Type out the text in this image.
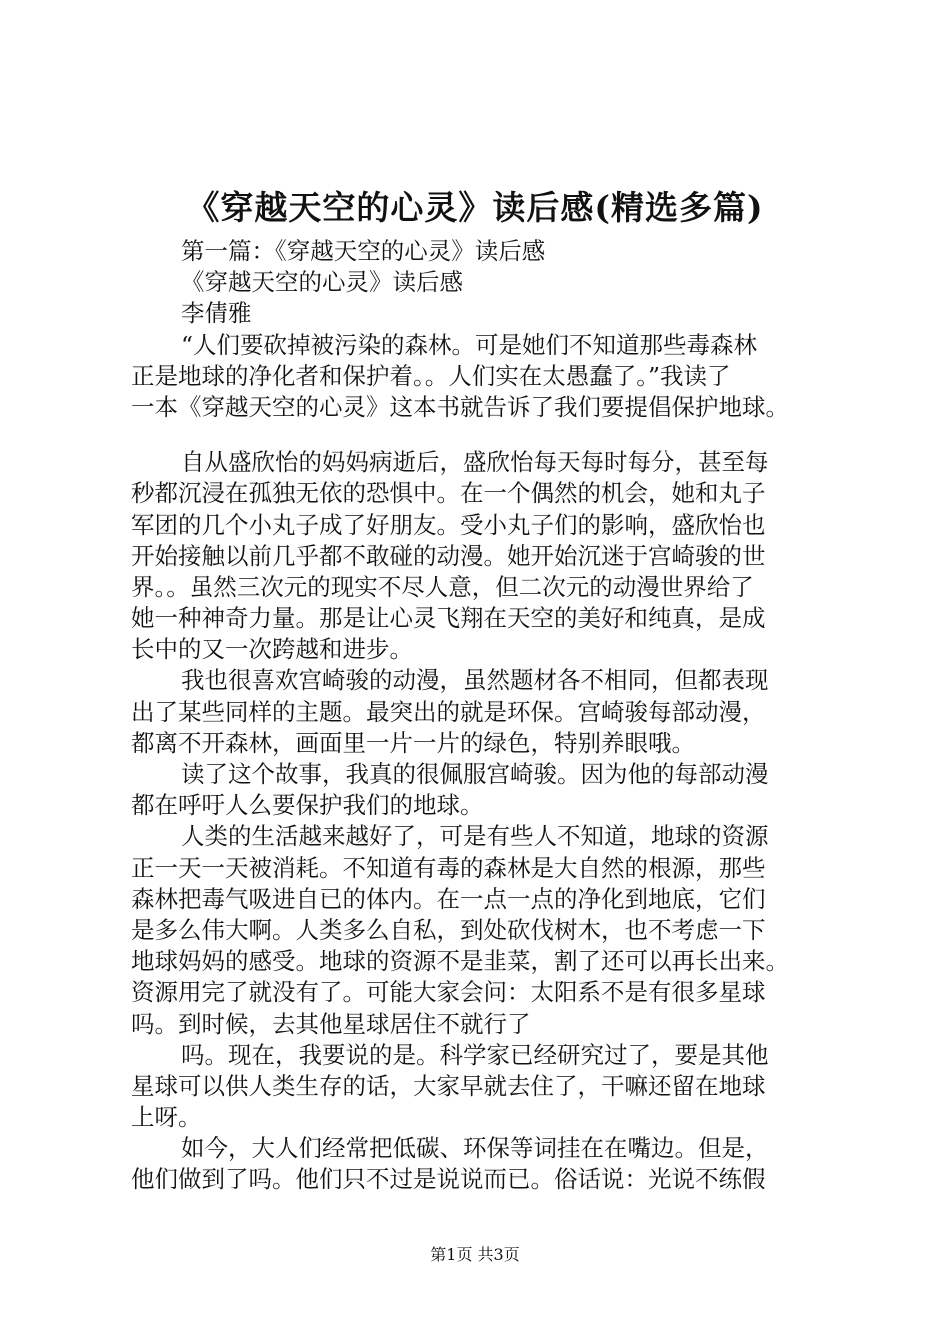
《穿越天空的心灵》读后感(精选多篇)
第一篇：《穿越天空的心灵》读后感
《穿越天空的心灵》读后感
李倩雅
“人们要砍掉被污染的森林。可是她们不知道那些毒森林
正是地球的净化者和保护着。。人们实在太愚蠢了。”我读了
一本《穿越天空的心灵》这本书就告诉了我们要提倡保护地球。
自从盛欣怡的妈妈病逝后，盛欣怡每天每时每分，甚至每
秒都沉浸在孤独无依的恐惧中。在一个偶然的机会，她和丸子
军团的几个小丸子成了好朋友。受小丸子们的影响，盛欣怡也
开始接触以前几乎都不敢碰的动漫。她开始沉迷于宫崎骏的世
界。。虽然三次元的现实不尽人意，但二次元的动漫世界给了
她一种神奇力量。那是让心灵飞翔在天空的美好和纯真，是成
长中的又一次跨越和进步。
我也很喜欢宫崎骏的动漫，虽然题材各不相同，但都表现
出了某些同样的主题。最突出的就是环保。宫崎骏每部动漫，
都离不开森林，画面里一片一片的绿色，特别养眼哦。
读了这个故事，我真的很佩服宫崎骏。因为他的每部动漫
都在呼吁人么要保护我们的地球。
人类的生活越来越好了，可是有些人不知道，地球的资源
正一天一天被消耗。不知道有毒的森林是大自然的根源，那些
森林把毒气吸进自已的体内。在一点一点的净化到地底，它们
是多么伟大啊。人类多么自私，到处砍伐树木，也不考虑一下
地球妈妈的感受。地球的资源不是韭菜，割了还可以再长出来。
资源用完了就没有了。可能大家会问：太阳系不是有很多星球
吗。到时候，去其他星球居住不就行了
吗。现在，我要说的是。科学家已经研究过了，要是其他
星球可以供人类生存的话，大家早就去住了，干嘛还留在地球
上呀。
如今，大人们经常把低碳、环保等词挂在在嘴边。但是，
他们做到了吗。他们只不过是说说而已。俗话说：光说不练假
第1页 共3页
